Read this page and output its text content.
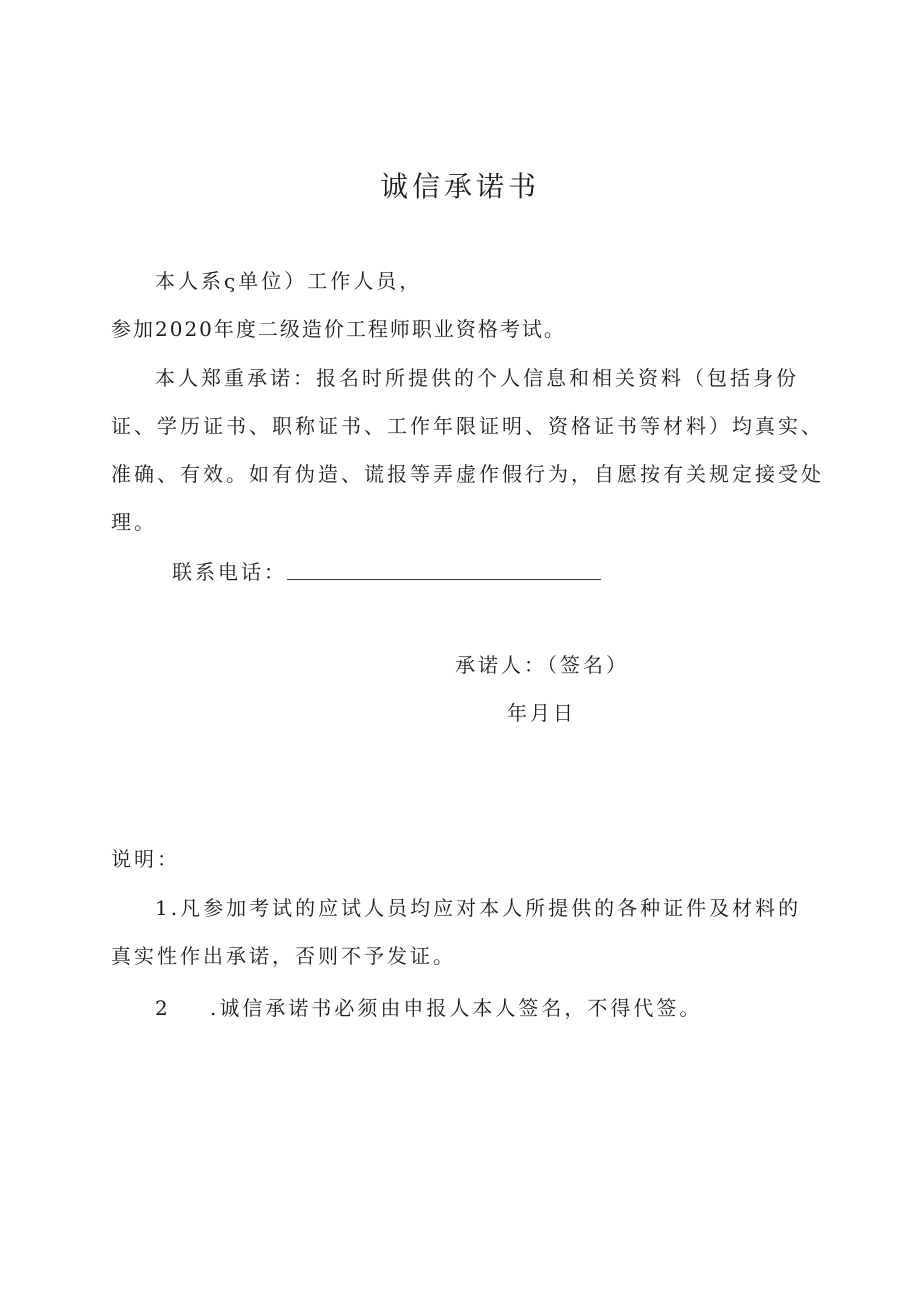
诚信承诺书
本人系ς单位）工作人员，
参加2020年度二级造价工程师职业资格考试。
本人郑重承诺：报名时所提供的个人信息和相关资料（包括身份
证、学历证书、职称证书、工作年限证明、资格证书等材料）均真实、
准确、有效。如有伪造、谎报等弄虚作假行为，自愿按有关规定接受处
理。
联系电话：
承诺人：（签名）
年月日
说明：
1.凡参加考试的应试人员均应对本人所提供的各种证件及材料的
真实性作出承诺，否则不予发证。
2 .诚信承诺书必须由申报人本人签名，不得代签。
